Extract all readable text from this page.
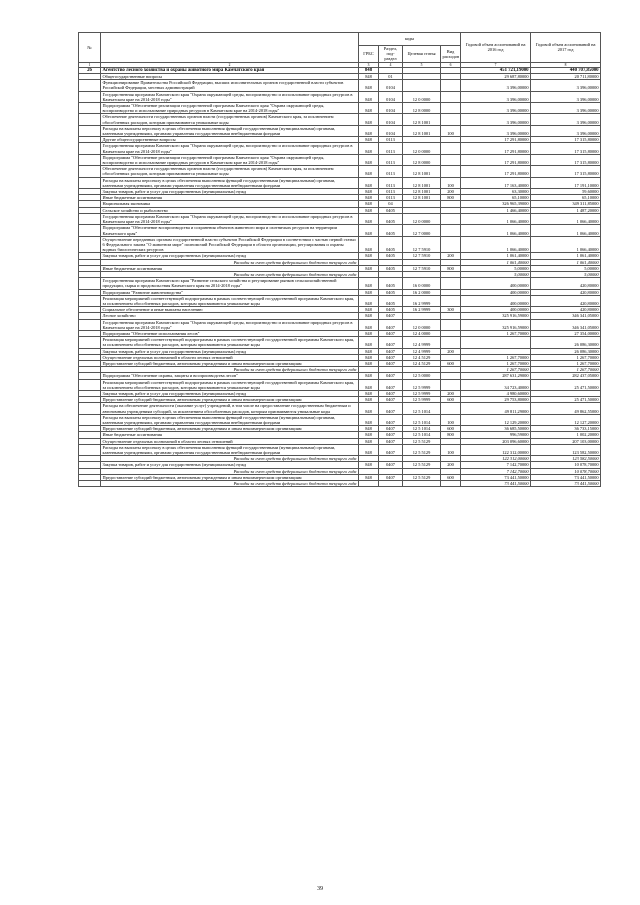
№		коды				Годовой объем ассигнований на 2016 год	Годовой объем ассигнований на 2017 год
		ГРБС	Раздел, под-раздел	Целевая статья	Вид расходов		
1	2	3	4	5	6	7	8
26	Агентство лесного хозяйства и охраны животного мира Камчатского края	848				451 721,19000	440 707,85000
	Общегосударственные вопросы	848	01			29 687,80000	20 711,80000
	Функционирование Правительства Российской Федерации, высших исполнительных органов государственной власти субъектов Российской Федерации, местных администраций	848	0104			3 396,00000	3 396,00000
	Государственная программа Камчатского края "Охрана окружающей среды, воспроизводство и использование природных ресурсов в Камчатском крае на 2014-2018 годы"	848	0104	12 0 0000		3 396,00000	3 396,00000
	Подпрограмма "Обеспечение реализации государственной программы Камчатского края "Охрана окружающей среды, воспроизводство и использование природных ресурсов в Камчатском крае на 2014-2018 годы"	848	0104	12 8 0000		3 396,00000	3 396,00000
	Обеспечение деятельности государственных органов власти (государственных органов) Камчатского края, за исключением обособленных расходов, которым присваиваются уникальные коды	848	0104	12 8 1001		3 396,00000	3 396,00000
	Расходы на выплаты персоналу в целях обеспечения выполнения функций государственными (муниципальными) органами, казенными учреждениями, органами управления государственными внебюджетными фондами	848	0104	12 8 1001	100	3 396,00000	3 396,00000
	Другие общегосударственные вопросы	848	0113			17 291,80000	17 315,80000
	Государственная программа Камчатского края "Охрана окружающей среды, воспроизводство и использование природных ресурсов в Камчатском крае на 2014-2018 годы"	848	0113	12 0 0000		17 291,80000	17 315,80000
	Подпрограмма "Обеспечение реализации государственной программы Камчатского края "Охрана окружающей среды, воспроизводство и использование природных ресурсов в Камчатском крае на 2014-2018 годы"	848	0113	12 8 0000		17 291,80000	17 315,80000
	Обеспечение деятельности государственных органов власти (государственных органов) Камчатского края, за исключением обособленных расходов, которым присваиваются уникальные коды	848	0113	12 8 1001		17 291,80000	17 315,80000
	Расходы на выплаты персоналу в целях обеспечения выполнения функций государственными (муниципальными) органами, казенными учреждениями, органами управления государственными внебюджетными фондами	848	0113	12 8 1001	100	17 163,40000	17 191,10000
	Закупка товаров, работ и услуг для государственных (муниципальных) нужд	848	0113	12 8 1001	200	63,30000	59,60000
	Иные бюджетные ассигнования	848	0113	12 8 1001	800	65,10000	65,10000
	Национальная экономика	848	04			326 965,39000	349 311,85000
	Сельское хозяйство и рыболовство	848	0405			1 466,40000	1 487,20000
	Государственная программа Камчатского края "Охрана окружающей среды, воспроизводство и использование природных ресурсов в Камчатском крае на 2014-2018 годы"	848	0405	12 0 0000		1 066,40000	1 066,40000
	Подпрограмма "Обеспечение воспроизводства и сохранения объектов животного мира и охотничьих ресурсов на территории Камчатского края"	848	0405	12 7 0000		1 066,40000	1 066,40000
	Осуществление переданных органам государственной власти субъектов Российской Федерации в соответствии с частью первой статьи 6 Федерального закона "О животном мире" полномочий Российской Федерации в области организации, регулирования и охраны водных биологических ресурсов	848	0405	12 7 5910		1 066,40000	1 066,40000
	Закупка товаров, работ и услуг для государственных (муниципальных) нужд	848	0405	12 7 5910	200	1 061,40000	1 061,40000
	Расходы за счет средств федерального бюджета текущего года					1 061,40000	1 061,40000
	Иные бюджетные ассигнования	848	0405	12 7 5910	800	5,00000	5,00000
	Расходы за счет средств федерального бюджета текущего года					5,00000	5,00000
	Государственная программа Камчатского края "Развитие сельского хозяйства и регулирование рынков сельскохозяйственной продукции, сырья и продовольствия Камчатского края на 2014-2018 годы"	848	0405	16 0 0000		400,00000	420,80000
	Подпрограмма "Развитие животноводства"	848	0405	16 2 0000		400,00000	420,80000
	Реализация мероприятий соответствующей подпрограммы в рамках соответствующей государственной программы Камчатского края, за исключением обособленных расходов, которым присваиваются уникальные коды	848	0405	16 2 9999		400,00000	420,80000
	Социальное обеспечение и иные выплаты населению	848	0405	16 2 9999	300	400,00000	420,80000
	Лесное хозяйство	848	0407			325 916,59000	346 341,05000
	Государственная программа Камчатского края "Охрана окружающей среды, воспроизводство и использование природных ресурсов в Камчатском крае на 2014-2018 годы"	848	0407	12 0 0000		325 916,59000	346 341,05000
	Подпрограмма "Обеспечение использования лесов"	848	0407	12 4 0000		1 267,70000	27 354,00000
	Реализация мероприятий соответствующей подпрограммы в рамках соответствующей государственной программы Камчатского края, за исключением обособленных расходов, которым присваиваются уникальные коды	848	0407	12 4 9999			26 086,30000
	Закупка товаров, работ и услуг для государственных (муниципальных) нужд	848	0407	12 4 9999	200		26 086,30000
	Осуществление отдельных полномочий в области лесных отношений	848	0407	12 4 5129		1 267,70000	1 267,70000
	Предоставление субсидий бюджетным, автономным учреждениям и иным некоммерческим организациям	848	0407	12 4 5129	600	1 267,70000	1 267,70000
	Расходы за счет средств федерального бюджета текущего года					1 267,70000	1 267,70000
	Подпрограмма "Обеспечение охраны, защиты и воспроизводства лесов"	848	0407	12 5 0000		287 631,29000	282 437,05000
	Реализация мероприятий соответствующей подпрограммы в рамках соответствующей государственной программы Камчатского края, за исключением обособленных расходов, которым присваиваются уникальные коды	848	0407	12 5 9999		34 723,40000	25 471,50000
	Закупка товаров, работ и услуг для государственных (муниципальных) нужд	848	0407	12 5 9999	200	4 980,60000	
	Предоставление субсидий бюджетным, автономным учреждениям и иным некоммерческим организациям	848	0407	12 5 9999	600	29 753,80000	25 471,50000
	Расходы на обеспечение деятельности (оказание услуг) учреждений, в том числе на предоставление государственным бюджетным и автономным учреждениям субсидий, за исключением обособленных расходов, которым присваиваются уникальные коды	848	0407	12 5 1014		49 811,29000	49 862,55000
	Расходы на выплаты персоналу в целях обеспечения выполнения функций государственными (муниципальными) органами, казенными учреждениями, органами управления государственными внебюджетными фондами	848	0407	12 5 1014	100	12 129,20000	12 127,20000
	Предоставление субсидий бюджетным, автономным учреждениям и иным некоммерческим организациям	848	0407	12 5 1014	600	36 685,50000	36 733,15000
	Иные бюджетные ассигнования	848	0407	12 5 1014	800	996,59000	1 002,20000
	Осуществление отдельных полномочий в области лесных отношений	848	0407	12 5 5129		203 096,60000	207 103,00000
	Расходы на выплаты персоналу в целях обеспечения выполнения функций государственными (муниципальными) органами, казенными учреждениями, органами управления государственными внебюджетными фондами	848	0407	12 5 5129	100	122 312,00000	123 582,50000
	Расходы за счет средств федерального бюджета текущего года					122 312,00000	123 582,50000
	Закупка товаров, работ и услуг для государственных (муниципальных) нужд	848	0407	12 5 5129	200	7 142,70000	10 078,70000
	Расходы за счет средств федерального бюджета текущего года					7 142,70000	10 078,70000
	Предоставление субсидий бюджетным, автономным учреждениям и иным некоммерческим организациям	848	0407	12 5 5129	600	73 441,50000	73 441,50000
	Расходы за счет средств федерального бюджета текущего года					73 441,50000	73 441,50000
39
